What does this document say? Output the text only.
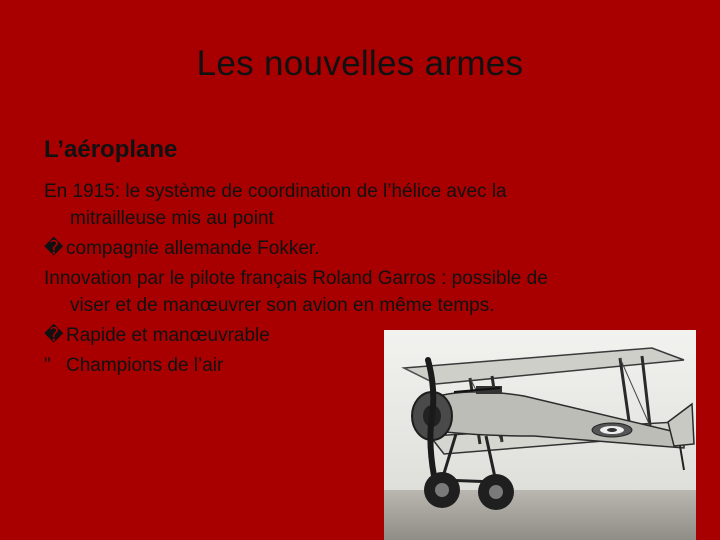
Les nouvelles armes
L’aéroplane
En 1915: le système de coordination de l’hélice avec la
mitrailleuse mis au point
� compagnie allemande Fokker.
Innovation par le pilote français Roland Garros : possible de
viser et de manœuvrer son avion en même temps.
� Rapide et manœuvrable
" Champions de l’air
